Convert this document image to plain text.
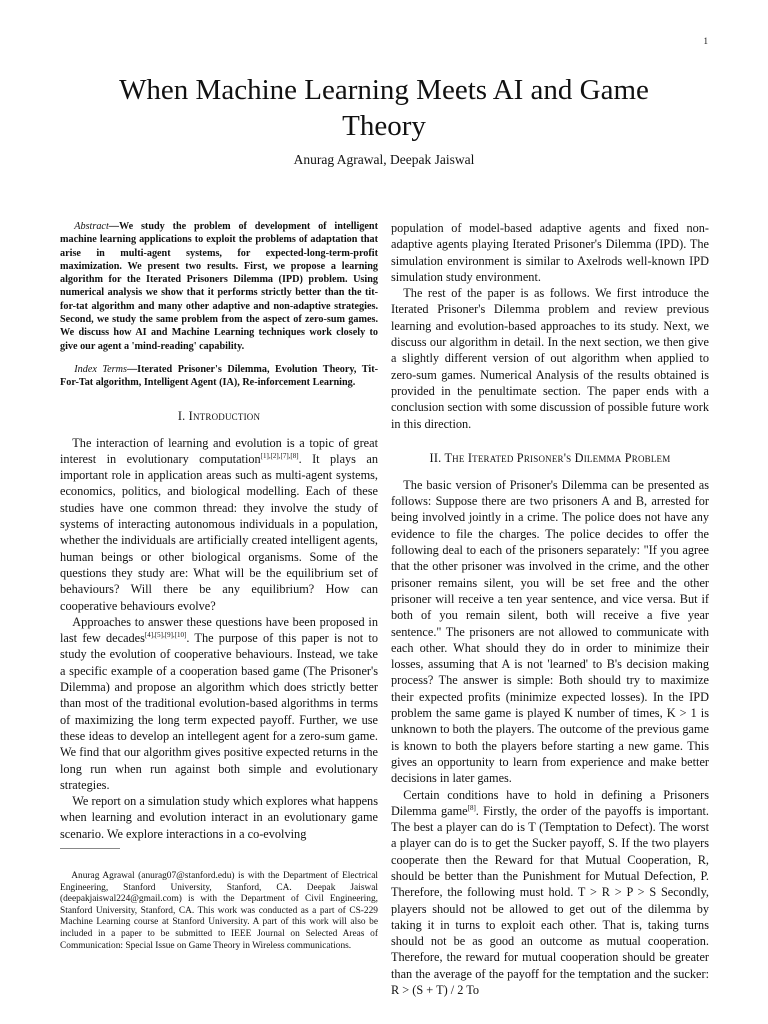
1
When Machine Learning Meets AI and Game
Theory
Anurag Agrawal, Deepak Jaiswal

Abstract—We study the problem of development of intelligent machine learning applications to exploit the problems of adaptation that arise in multi-agent systems, for expected-long-term-profit maximization. We present two results. First, we propose a learning algorithm for the Iterated Prisoners Dilemma (IPD) problem. Using numerical analysis we show that it performs strictly better than the tit-for-tat algorithm and many other adaptive and non-adaptive strategies. Second, we study the same problem from the aspect of zero-sum games. We discuss how AI and Machine Learning techniques work closely to give our agent a 'mind-reading' capability.

Index Terms—Iterated Prisoner's Dilemma, Evolution Theory, Tit-For-Tat algorithm, Intelligent Agent (IA), Re-inforcement Learning.

I. Introduction

The interaction of learning and evolution is a topic of great interest in evolutionary computation[1],[2],[7],[8]. It plays an important role in application areas such as multi-agent systems, economics, politics, and biological modelling. Each of these studies have one common thread: they involve the study of systems of interacting autonomous individuals in a population, whether the individuals are artificially created intelligent agents, human beings or other biological organisms. Some of the questions they study are: What will be the equilibrium set of behaviours? Will there be any equilibrium? How can cooperative behaviours evolve?

Approaches to answer these questions have been proposed in last few decades[4],[5],[9],[10]. The purpose of this paper is not to study the evolution of cooperative behaviours. Instead, we take a specific example of a cooperation based game (The Prisoner's Dilemma) and propose an algorithm which does strictly better than most of the traditional evolution-based algorithms in terms of maximizing the long term expected payoff. Further, we use these ideas to develop an intellegent agent for a zero-sum game. We find that our algorithm gives positive expected returns in the long run when run against both simple and evolutionary strategies.

We report on a simulation study which explores what happens when learning and evolution interact in an evolutionary game scenario. We explore interactions in a co-evolving

Anurag Agrawal (anurag07@stanford.edu) is with the Department of Electrical Engineering, Stanford University, Stanford, CA. Deepak Jaiswal (deepakjaiswal224@gmail.com) is with the Department of Civil Engineering, Stanford University, Stanford, CA. This work was conducted as a part of CS-229 Machine Learning course at Stanford University. A part of this work will also be included in a paper to be submitted to IEEE Journal on Selected Areas of Communication: Special Issue on Game Theory in Wireless communications.

population of model-based adaptive agents and fixed non-adaptive agents playing Iterated Prisoner's Dilemma (IPD). The simulation environment is similar to Axelrods well-known IPD simulation study environment.

The rest of the paper is as follows. We first introduce the Iterated Prisoner's Dilemma problem and review previous learning and evolution-based approaches to its study. Next, we discuss our algorithm in detail. In the next section, we then give a slightly different version of out algorithm when applied to zero-sum games. Numerical Analysis of the results obtained is provided in the penultimate section. The paper ends with a conclusion section with some discussion of possible future work in this direction.

II. The Iterated Prisoner's Dilemma Problem

The basic version of Prisoner's Dilemma can be presented as follows: Suppose there are two prisoners A and B, arrested for being involved jointly in a crime. The police does not have any evidence to file the charges. The police decides to offer the following deal to each of the prisoners separately: "If you agree that the other prisoner was involved in the crime, and the other prisoner remains silent, you will be set free and the other prisoner will receive a ten year sentence, and vice versa. But if both of you remain silent, both will receive a five year sentence." The prisoners are not allowed to communicate with each other. What should they do in order to minimize their losses, assuming that A is not 'learned' to B's decision making process? The answer is simple: Both should try to maximize their expected profits (minimize expected losses). In the IPD problem the same game is played K number of times, K > 1 is unknown to both the players. The outcome of the previous game is known to both the players before starting a new game. This gives an opportunity to learn from experience and make better decisions in later games.

Certain conditions have to hold in defining a Prisoners Dilemma game[8]. Firstly, the order of the payoffs is important. The best a player can do is T (Temptation to Defect). The worst a player can do is to get the Sucker payoff, S. If the two players cooperate then the Reward for that Mutual Cooperation, R, should be better than the Punishment for Mutual Defection, P. Therefore, the following must hold. T > R > P > S Secondly, players should not be allowed to get out of the dilemma by taking it in turns to exploit each other. That is, taking turns should not be as good an outcome as mutual cooperation. Therefore, the reward for mutual cooperation should be greater than the average of the payoff for the temptation and the sucker: R > (S + T) / 2 To
